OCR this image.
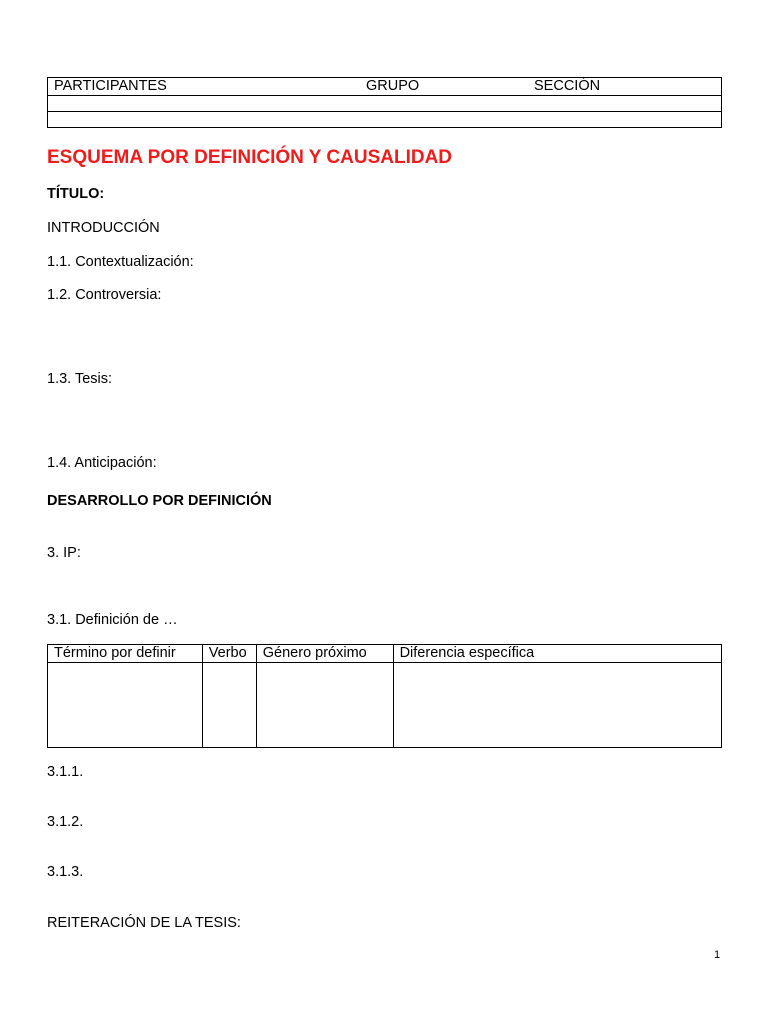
PARTICIPANTES	GRUPO	SECCIÓN

ESQUEMA POR DEFINICIÓN Y CAUSALIDAD
TÍTULO:
INTRODUCCIÓN
1.1. Contextualización:
1.2. Controversia:
1.3. Tesis:
1.4. Anticipación:
DESARROLLO POR DEFINICIÓN
3. IP:
3.1. Definición de …
Término por definir	Verbo	Género próximo	Diferencia específica

3.1.1.
3.1.2.
3.1.3.
REITERACIÓN DE LA TESIS:
1
